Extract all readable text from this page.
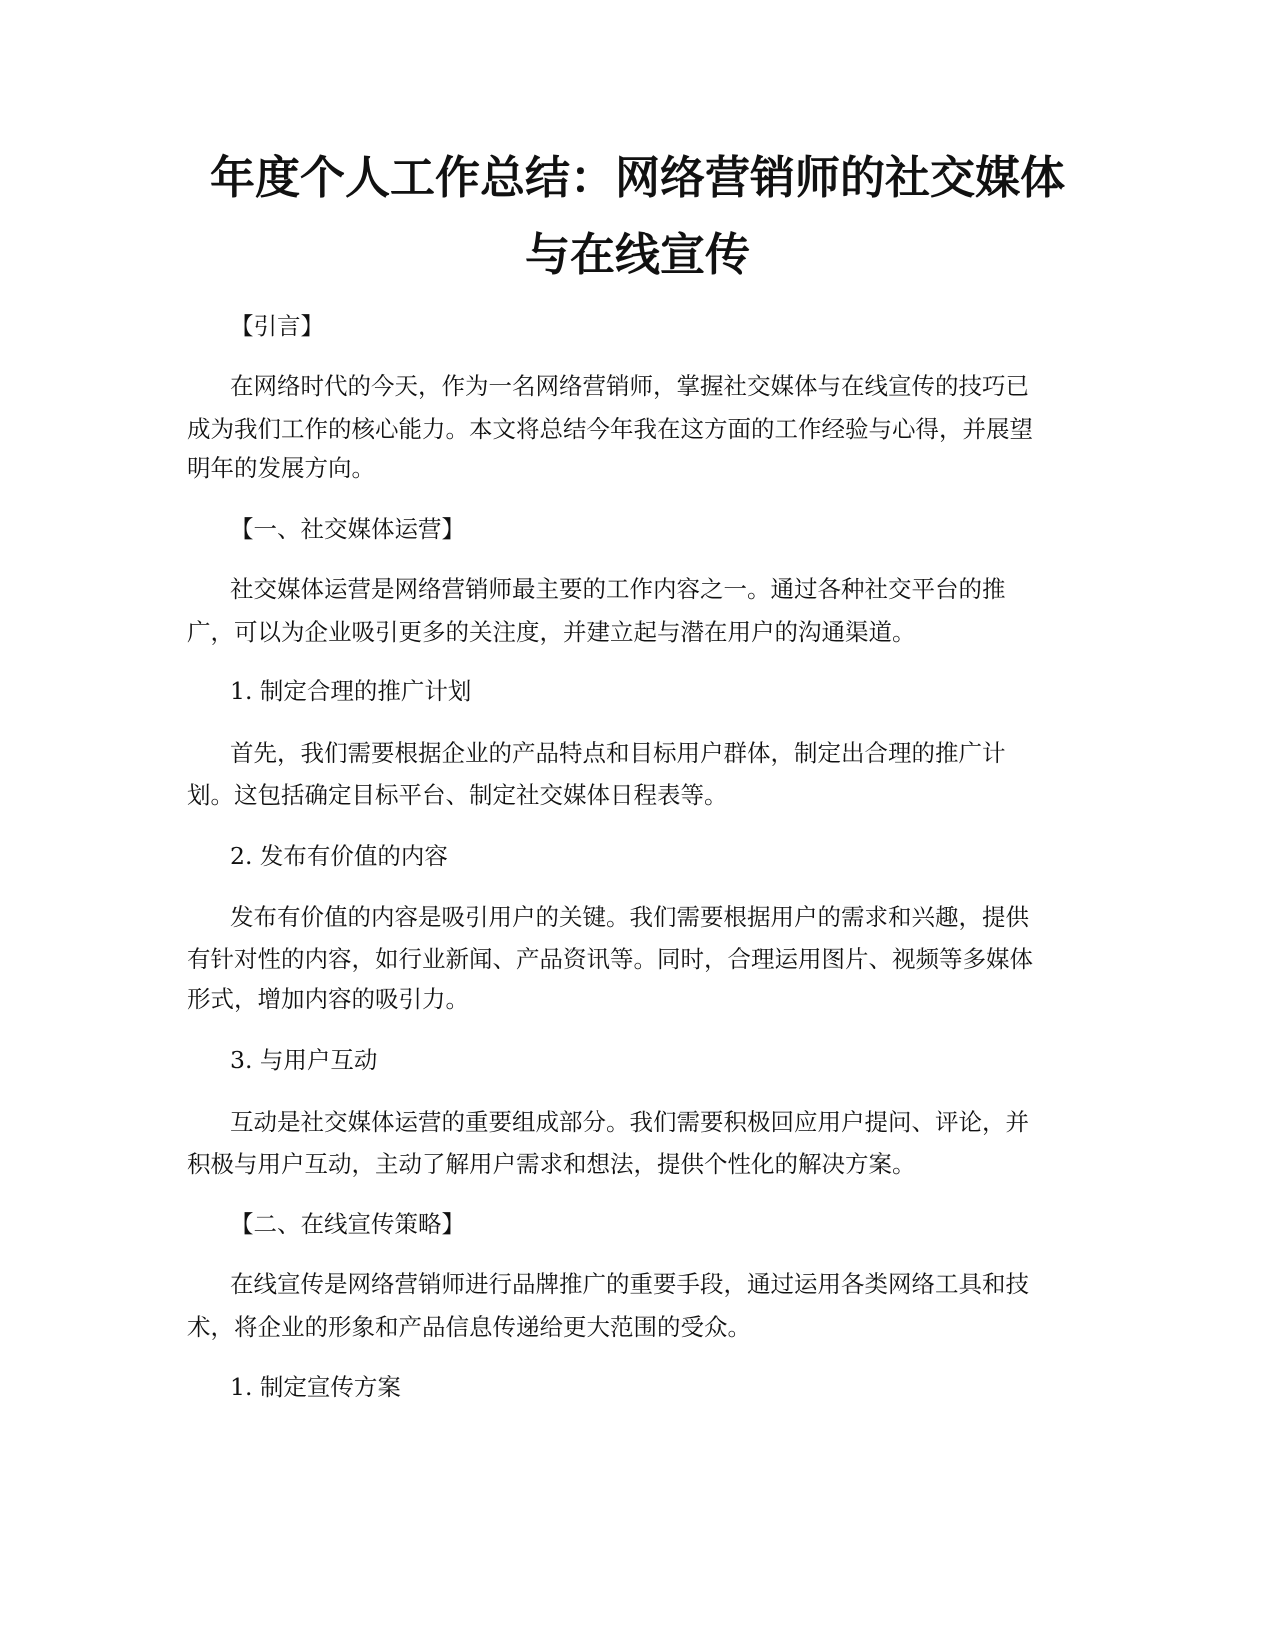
年度个人工作总结：网络营销师的社交媒体
与在线宣传

【引言】

在网络时代的今天，作为一名网络营销师，掌握社交媒体与在线宣传的技巧已

成为我们工作的核心能力。本文将总结今年我在这方面的工作经验与心得，并展望

明年的发展方向。

【一、社交媒体运营】

社交媒体运营是网络营销师最主要的工作内容之一。通过各种社交平台的推

广，可以为企业吸引更多的关注度，并建立起与潜在用户的沟通渠道。

1. 制定合理的推广计划

首先，我们需要根据企业的产品特点和目标用户群体，制定出合理的推广计

划。这包括确定目标平台、制定社交媒体日程表等。

2. 发布有价值的内容

发布有价值的内容是吸引用户的关键。我们需要根据用户的需求和兴趣，提供

有针对性的内容，如行业新闻、产品资讯等。同时，合理运用图片、视频等多媒体

形式，增加内容的吸引力。

3. 与用户互动

互动是社交媒体运营的重要组成部分。我们需要积极回应用户提问、评论，并

积极与用户互动，主动了解用户需求和想法，提供个性化的解决方案。

【二、在线宣传策略】

在线宣传是网络营销师进行品牌推广的重要手段，通过运用各类网络工具和技

术，将企业的形象和产品信息传递给更大范围的受众。

1. 制定宣传方案
